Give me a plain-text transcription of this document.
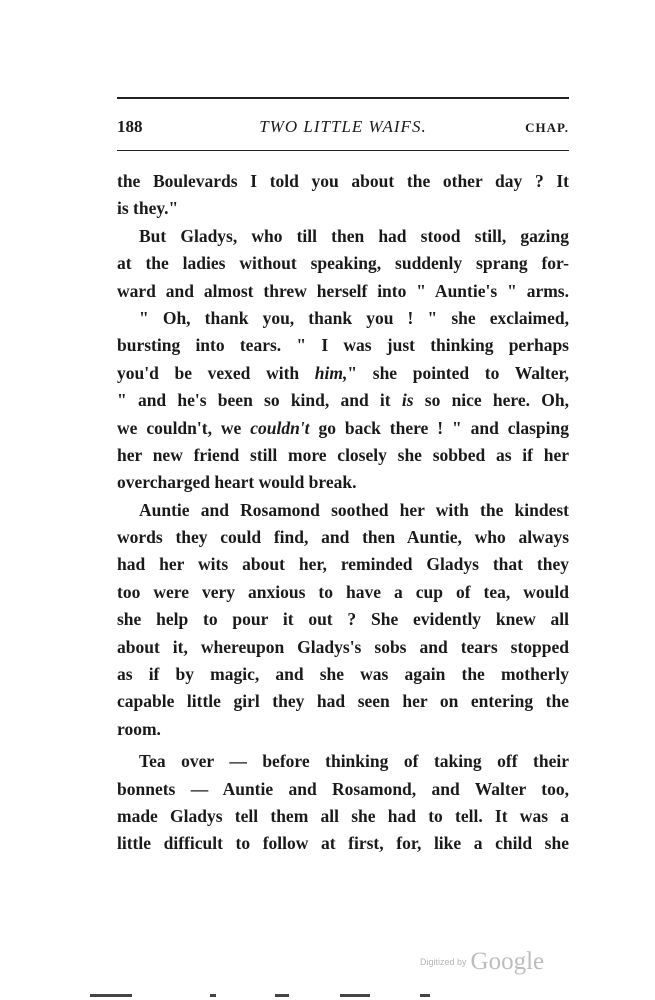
188	TWO LITTLE WAIFS.	CHAP.
the Boulevards I told you about the other day ? It
is they."
But Gladys, who till then had stood still, gazing
at the ladies without speaking, suddenly sprang for-
ward and almost threw herself into " Auntie's " arms.
" Oh, thank you, thank you ! " she exclaimed,
bursting into tears. " I was just thinking perhaps
you'd be vexed with him," she pointed to Walter,
" and he's been so kind, and it is so nice here. Oh,
we couldn't, we couldn't go back there ! " and clasping
her new friend still more closely she sobbed as if her
overcharged heart would break.
Auntie and Rosamond soothed her with the kindest
words they could find, and then Auntie, who always
had her wits about her, reminded Gladys that they
too were very anxious to have a cup of tea, would
she help to pour it out ? She evidently knew all
about it, whereupon Gladys's sobs and tears stopped
as if by magic, and she was again the motherly
capable little girl they had seen her on entering the
room.
Tea over — before thinking of taking off their
bonnets — Auntie and Rosamond, and Walter too,
made Gladys tell them all she had to tell. It was a
little difficult to follow at first, for, like a child she
Digitized by Google
